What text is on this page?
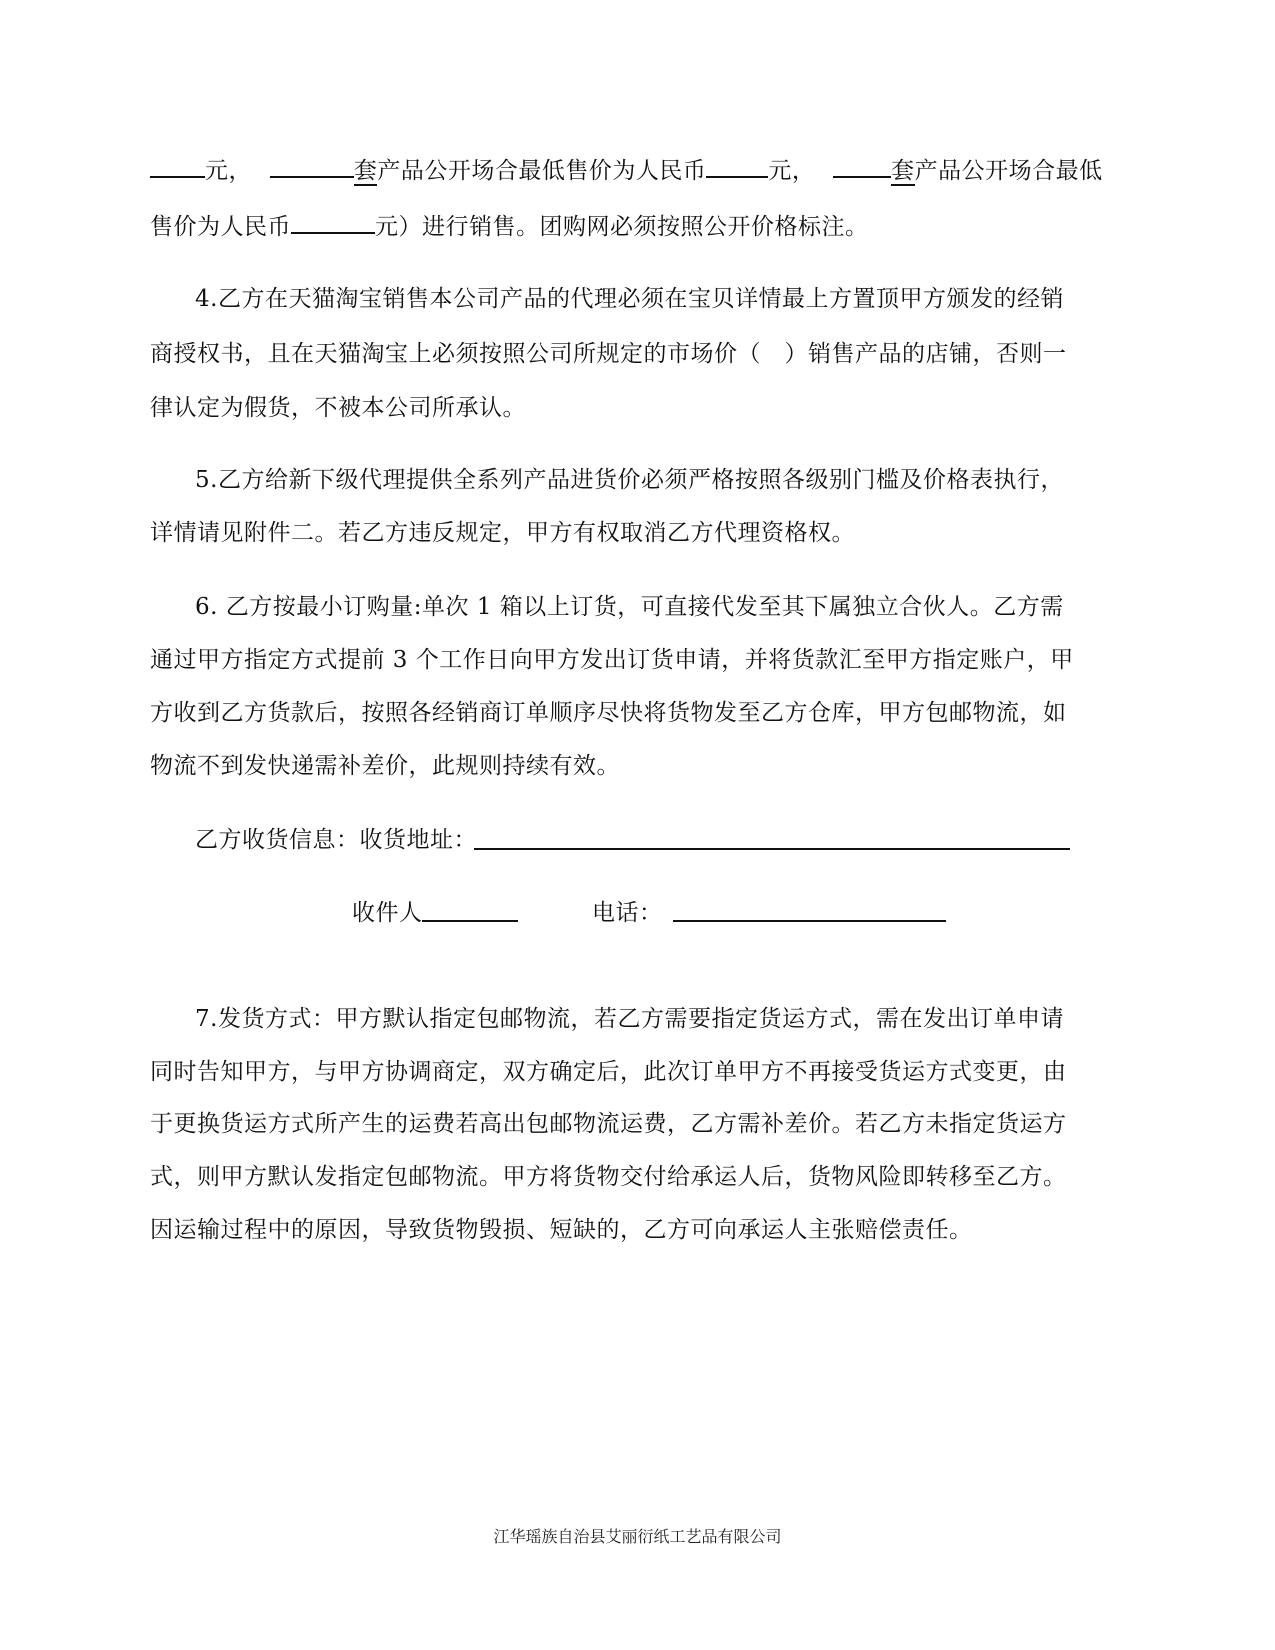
元，	套产品公开场合最低售价为人民币	元，	套产品公开场合最低
售价为人民币	元）进行销售。团购网必须按照公开价格标注。
4.乙方在天猫淘宝销售本公司产品的代理必须在宝贝详情最上方置顶甲方颁发的经销
商授权书，且在天猫淘宝上必须按照公司所规定的市场价（　）销售产品的店铺，否则一
律认定为假货，不被本公司所承认。
5.乙方给新下级代理提供全系列产品进货价必须严格按照各级别门槛及价格表执行，
详情请见附件二。若乙方违反规定，甲方有权取消乙方代理资格权。
6. 乙方按最小订购量:单次 1 箱以上订货，可直接代发至其下属独立合伙人。乙方需
通过甲方指定方式提前 3 个工作日向甲方发出订货申请，并将货款汇至甲方指定账户，甲
方收到乙方货款后，按照各经销商订单顺序尽快将货物发至乙方仓库，甲方包邮物流，如
物流不到发快递需补差价，此规则持续有效。
乙方收货信息：收货地址：
收件人	电话：
7.发货方式：甲方默认指定包邮物流，若乙方需要指定货运方式，需在发出订单申请
同时告知甲方，与甲方协调商定，双方确定后，此次订单甲方不再接受货运方式变更，由
于更换货运方式所产生的运费若高出包邮物流运费，乙方需补差价。若乙方未指定货运方
式，则甲方默认发指定包邮物流。甲方将货物交付给承运人后，货物风险即转移至乙方。
因运输过程中的原因，导致货物毁损、短缺的，乙方可向承运人主张赔偿责任。
江华瑶族自治县艾丽衍纸工艺品有限公司
